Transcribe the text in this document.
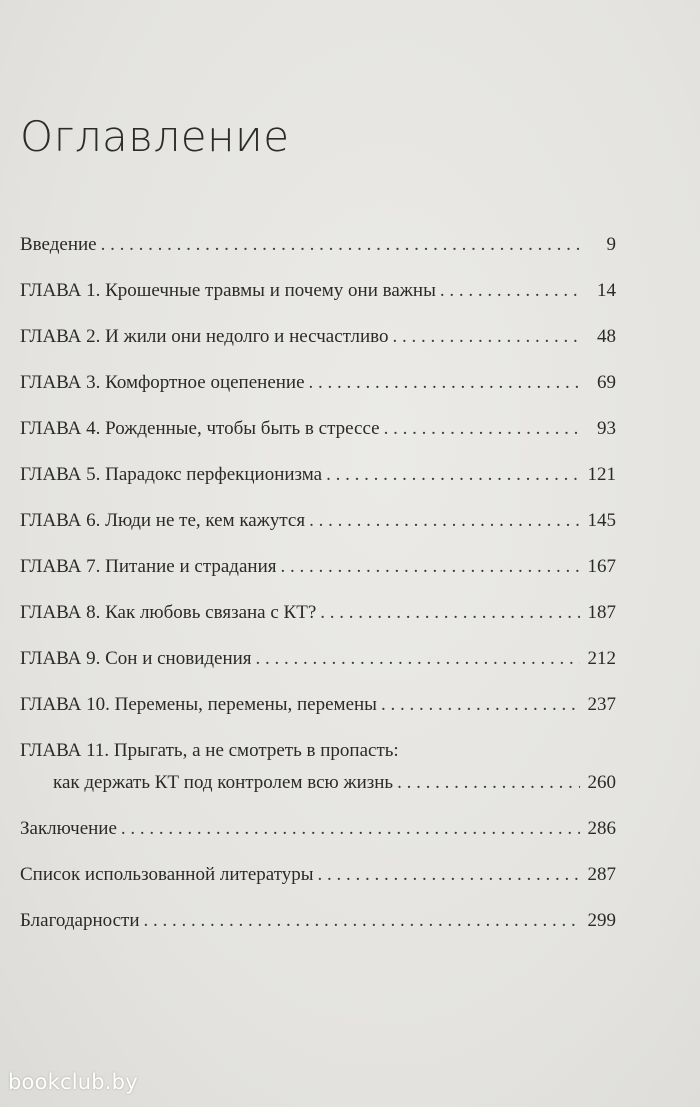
Оглавление
Введение . . .	9
ГЛАВА 1. Крошечные травмы и почему они важны . . .	14
ГЛАВА 2. И жили они недолго и несчастливо . . .	48
ГЛАВА 3. Комфортное оцепенение . . .	69
ГЛАВА 4. Рожденные, чтобы быть в стрессе . . .	93
ГЛАВА 5. Парадокс перфекционизма . . .	121
ГЛАВА 6. Люди не те, кем кажутся . . .	145
ГЛАВА 7. Питание и страдания . . .	167
ГЛАВА 8. Как любовь связана с КТ? . . .	187
ГЛАВА 9. Сон и сновидения . . .	212
ГЛАВА 10. Перемены, перемены, перемены . . .	237
ГЛАВА 11. Прыгать, а не смотреть в пропасть:
как держать КТ под контролем всю жизнь . . .	260
Заключение . . .	286
Список использованной литературы . . .	287
Благодарности . . .	299
bookclub.by
